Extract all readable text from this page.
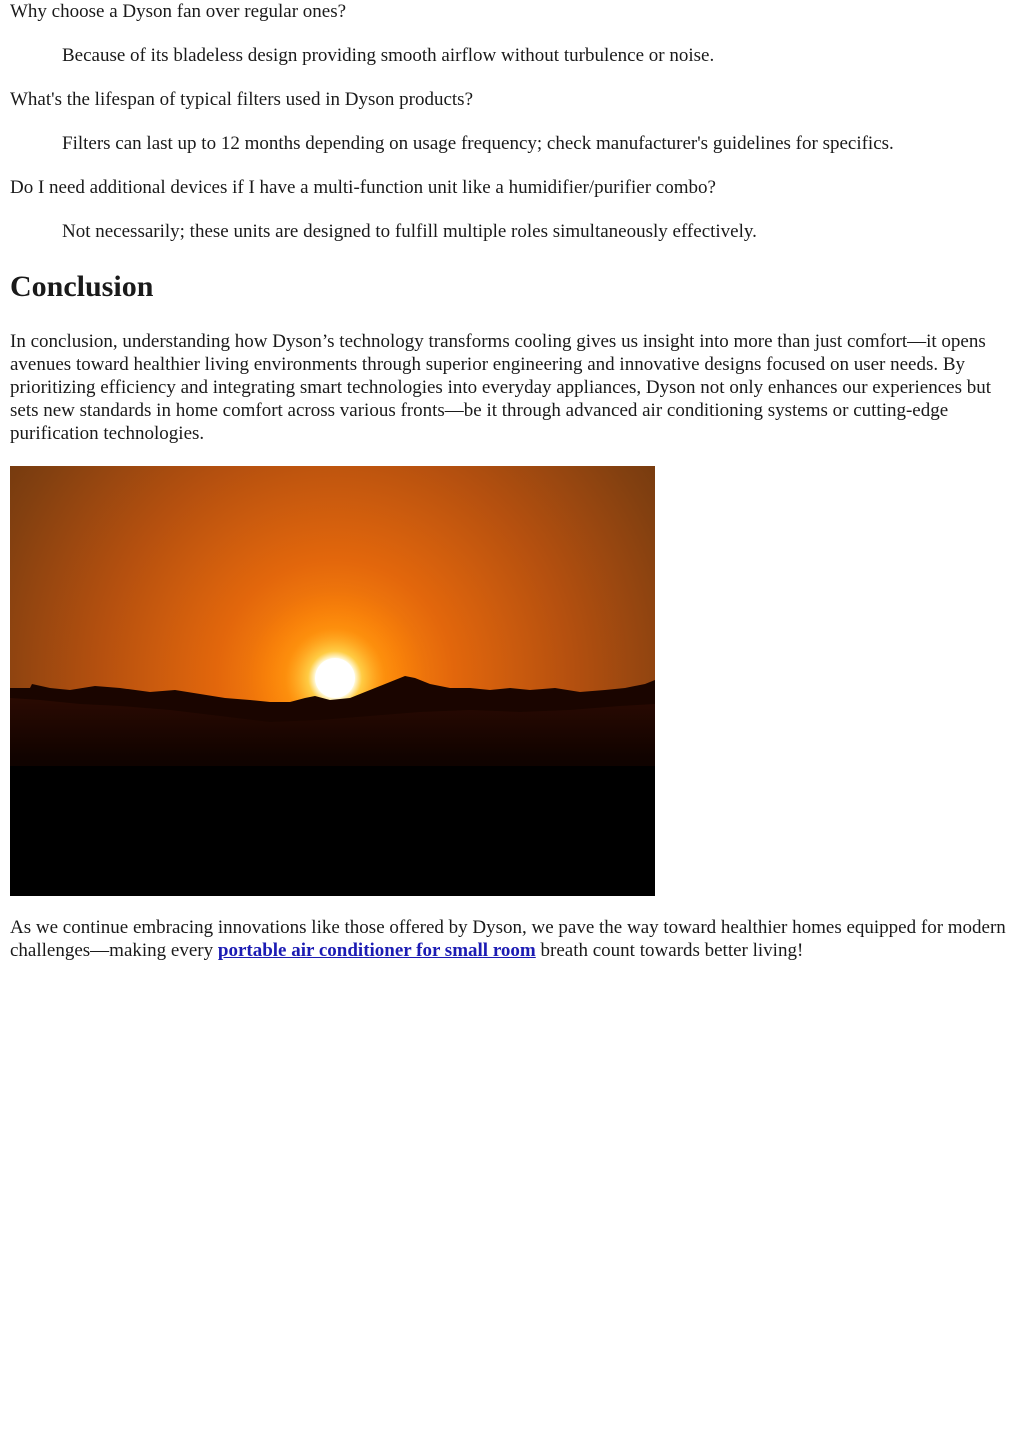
Why choose a Dyson fan over regular ones?

Because of its bladeless design providing smooth airflow without turbulence or noise.

What's the lifespan of typical filters used in Dyson products?

Filters can last up to 12 months depending on usage frequency; check manufacturer's guidelines for specifics.

Do I need additional devices if I have a multi-function unit like a humidifier/purifier combo?

Not necessarily; these units are designed to fulfill multiple roles simultaneously effectively.

Conclusion

In conclusion, understanding how Dyson’s technology transforms cooling gives us insight into more than just comfort—it opens avenues toward healthier living environments through superior engineering and innovative designs focused on user needs. By prioritizing efficiency and integrating smart technologies into everyday appliances, Dyson not only enhances our experiences but sets new standards in home comfort across various fronts—be it through advanced air conditioning systems or cutting-edge purification technologies.

As we continue embracing innovations like those offered by Dyson, we pave the way toward healthier homes equipped for modern challenges—making every portable air conditioner for small room breath count towards better living!
